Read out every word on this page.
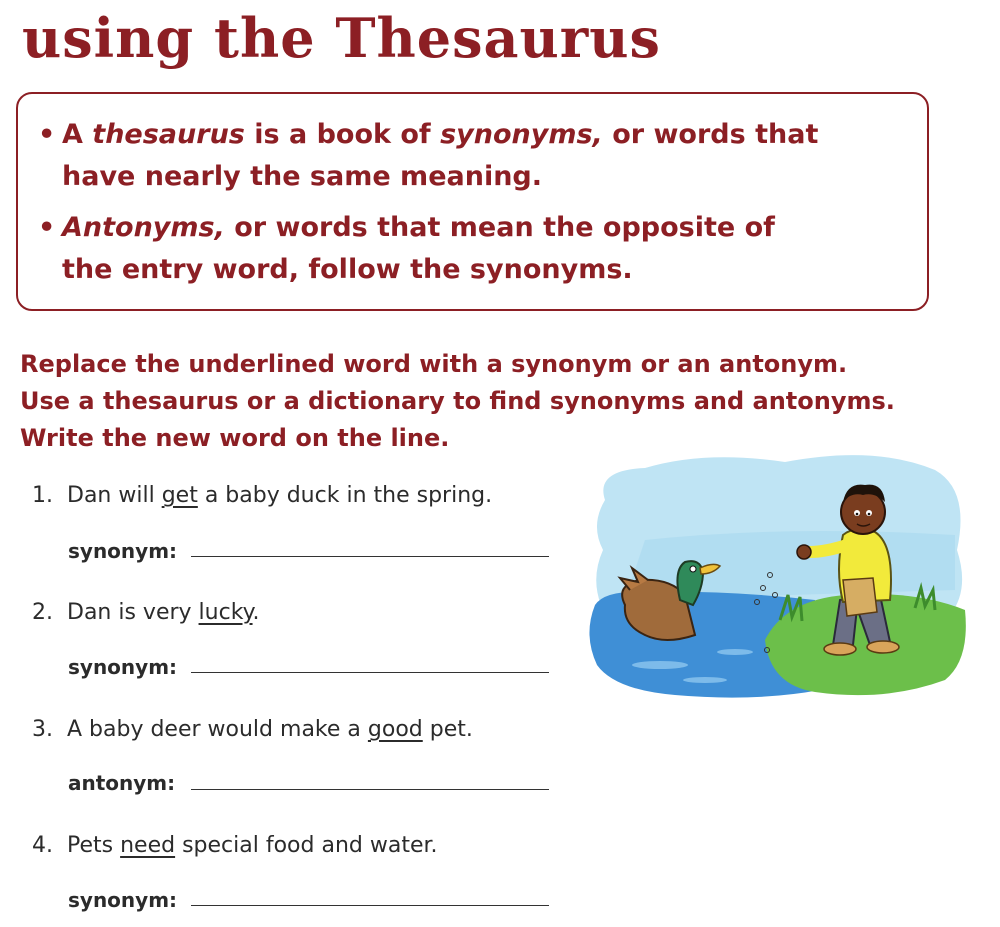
using the Thesaurus
• A thesaurus is a book of synonyms, or words that have nearly the same meaning.
• Antonyms, or words that mean the opposite of the entry word, follow the synonyms.
Replace the underlined word with a synonym or an antonym. Use a thesaurus or a dictionary to find synonyms and antonyms. Write the new word on the line.
1. Dan will get a baby duck in the spring.
synonym:
2. Dan is very lucky.
synonym:
3. A baby deer would make a good pet.
antonym:
4. Pets need special food and water.
synonym:
